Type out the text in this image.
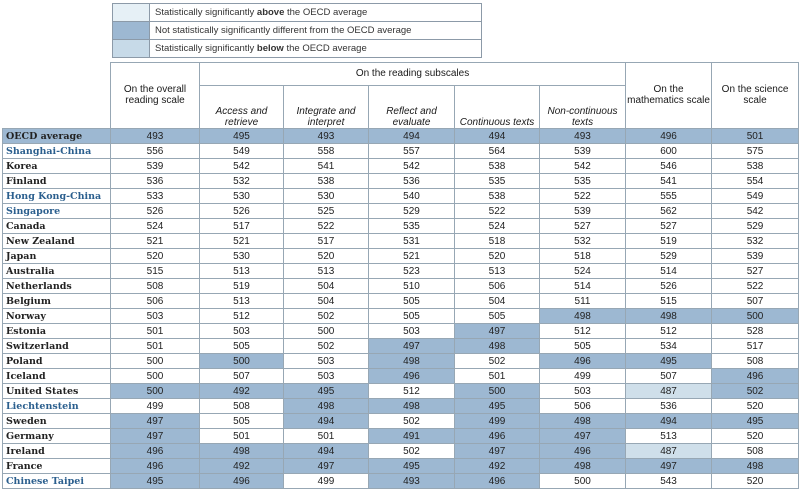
	Statistically significantly above the OECD average
	Not statistically significantly different from the OECD average
	Statistically significantly below the OECD average
	On the overall reading scale	On the reading subscales					On the mathematics scale	On the science scale
		Access and retrieve	Integrate and interpret	Reflect and evaluate	Continuous texts	Non-continuous texts		
OECD average	493	495	493	494	494	493	496	501
Shanghai-China	556	549	558	557	564	539	600	575
Korea	539	542	541	542	538	542	546	538
Finland	536	532	538	536	535	535	541	554
Hong Kong-China	533	530	530	540	538	522	555	549
Singapore	526	526	525	529	522	539	562	542
Canada	524	517	522	535	524	527	527	529
New Zealand	521	521	517	531	518	532	519	532
Japan	520	530	520	521	520	518	529	539
Australia	515	513	513	523	513	524	514	527
Netherlands	508	519	504	510	506	514	526	522
Belgium	506	513	504	505	504	511	515	507
Norway	503	512	502	505	505	498	498	500
Estonia	501	503	500	503	497	512	512	528
Switzerland	501	505	502	497	498	505	534	517
Poland	500	500	503	498	502	496	495	508
Iceland	500	507	503	496	501	499	507	496
United States	500	492	495	512	500	503	487	502
Liechtenstein	499	508	498	498	495	506	536	520
Sweden	497	505	494	502	499	498	494	495
Germany	497	501	501	491	496	497	513	520
Ireland	496	498	494	502	497	496	487	508
France	496	492	497	495	492	498	497	498
Chinese Taipei	495	496	499	493	496	500	543	520
